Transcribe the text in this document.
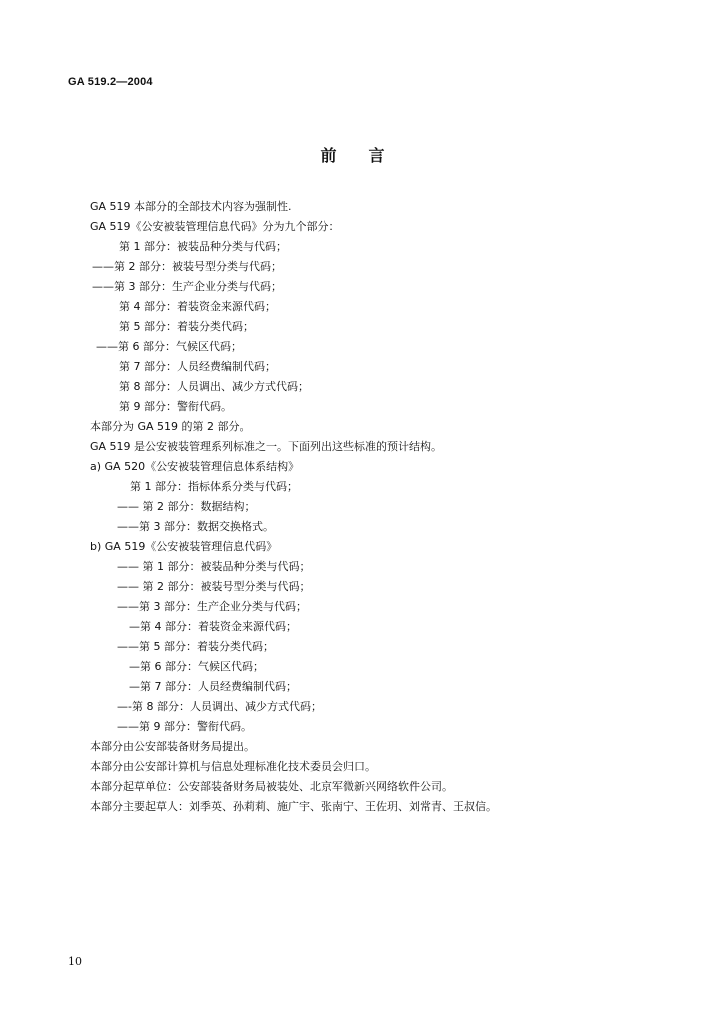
GA 519.2—2004
前言
GA 519 本部分的全部技术内容为强制性.
GA 519《公安被装管理信息代码》分为九个部分：
第 1 部分：被装品种分类与代码；
——第 2 部分：被装号型分类与代码；
——第 3 部分：生产企业分类与代码；
第 4 部分：着装资金来源代码；
第 5 部分：着装分类代码；
——第 6 部分：气候区代码；
第 7 部分：人员经费编制代码；
第 8 部分：人员调出、减少方式代码；
第 9 部分：警衔代码。
本部分为 GA 519 的第 2 部分。
GA 519 是公安被装管理系列标准之一。下面列出这些标准的预计结构。
a) GA 520《公安被装管理信息体系结构》
第 1 部分：指标体系分类与代码；
—— 第 2 部分：数据结构；
——第 3 部分：数据交换格式。
b) GA 519《公安被装管理信息代码》
—— 第 1 部分：被装品种分类与代码；
—— 第 2 部分：被装号型分类与代码；
——第 3 部分：生产企业分类与代码；
—第 4 部分：着装资金来源代码；
——第 5 部分：着装分类代码；
—第 6 部分：气候区代码；
—第 7 部分：人员经费编制代码；
—-第 8 部分：人员调出、减少方式代码；
——第 9 部分：警衔代码。
本部分由公安部装备财务局提出。
本部分由公安部计算机与信息处理标准化技术委员会归口。
本部分起草单位：公安部装备财务局被装处、北京军微新兴网络软件公司。
本部分主要起草人：刘季英、孙莉莉、施广宇、张南宁、王佐玥、刘常青、王叔信。
10
